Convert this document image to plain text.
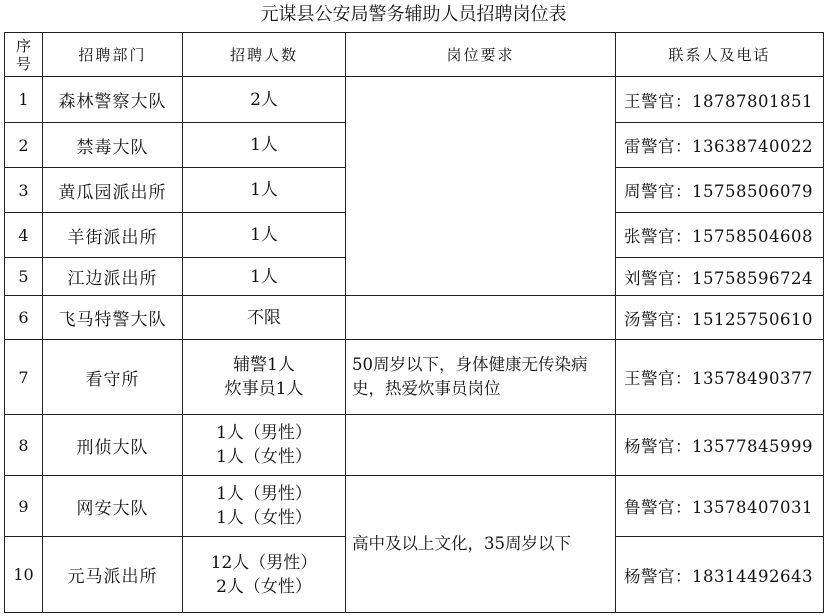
元谋县公安局警务辅助人员招聘岗位表
序
号	招聘部门	招聘人数	岗位要求	联系人及电话
1	森林警察大队	2人		王警官：18787801851
2	禁毒大队	1人		雷警官：13638740022
3	黄瓜园派出所	1人		周警官：15758506079
4	羊街派出所	1人		张警官：15758504608
5	江边派出所	1人		刘警官：15758596724
6	飞马特警大队	不限		汤警官：15125750610
7	看守所	辅警1人
炊事员1人	50周岁以下，身体健康无传染病史，热爱炊事员岗位	王警官：13578490377
8	刑侦大队	1人（男性）
1人（女性）		杨警官：13577845999
9	网安大队	1人（男性）
1人（女性）	高中及以上文化，35周岁以下	鲁警官：13578407031
10	元马派出所	12人（男性）
2人（女性）		杨警官：18314492643
